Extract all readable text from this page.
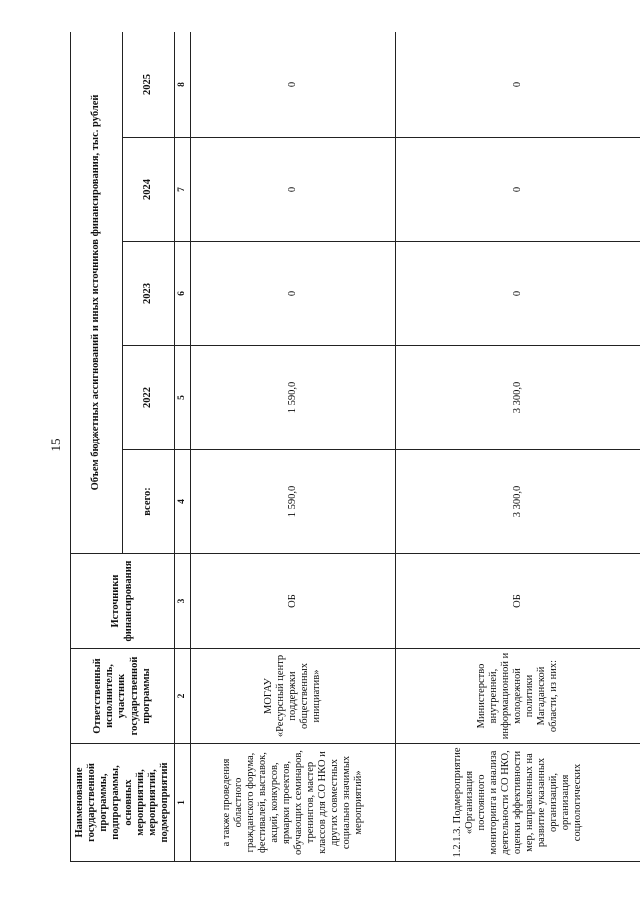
15
Наименование государственной программы, подпрограммы, основных мероприятий, мероприятий, подмероприятий	Ответственный исполнитель, участник государственной программы	Источники финансирования	Объем бюджетных ассигнований и иных источников финансирования, тыс. рублей				
			всего:	2022	2023	2024	2025
1	2	3	4	5	6	7	8
а также проведения областного гражданского форума, фестивалей, выставок, акций, конкурсов, ярмарки проектов, обучающих семинаров, тренингов, мастер классов для СО НКО и других совместных социально значимых мероприятий»	МОГАУ «Ресурсный центр поддержки общественных инициатив»	ОБ	1 590,0	1 590,0	0	0	0
1.2.1.3. Подмероприятие «Организация постоянного мониторинга и анализа деятельности СО НКО, оценки эффективности мер, направленных на развитие указанных организаций, организация социологических	Министерство внутренней, информационной и молодежной политики Магаданской области, из них:	ОБ	3 300,0	3 300,0	0	0	0
